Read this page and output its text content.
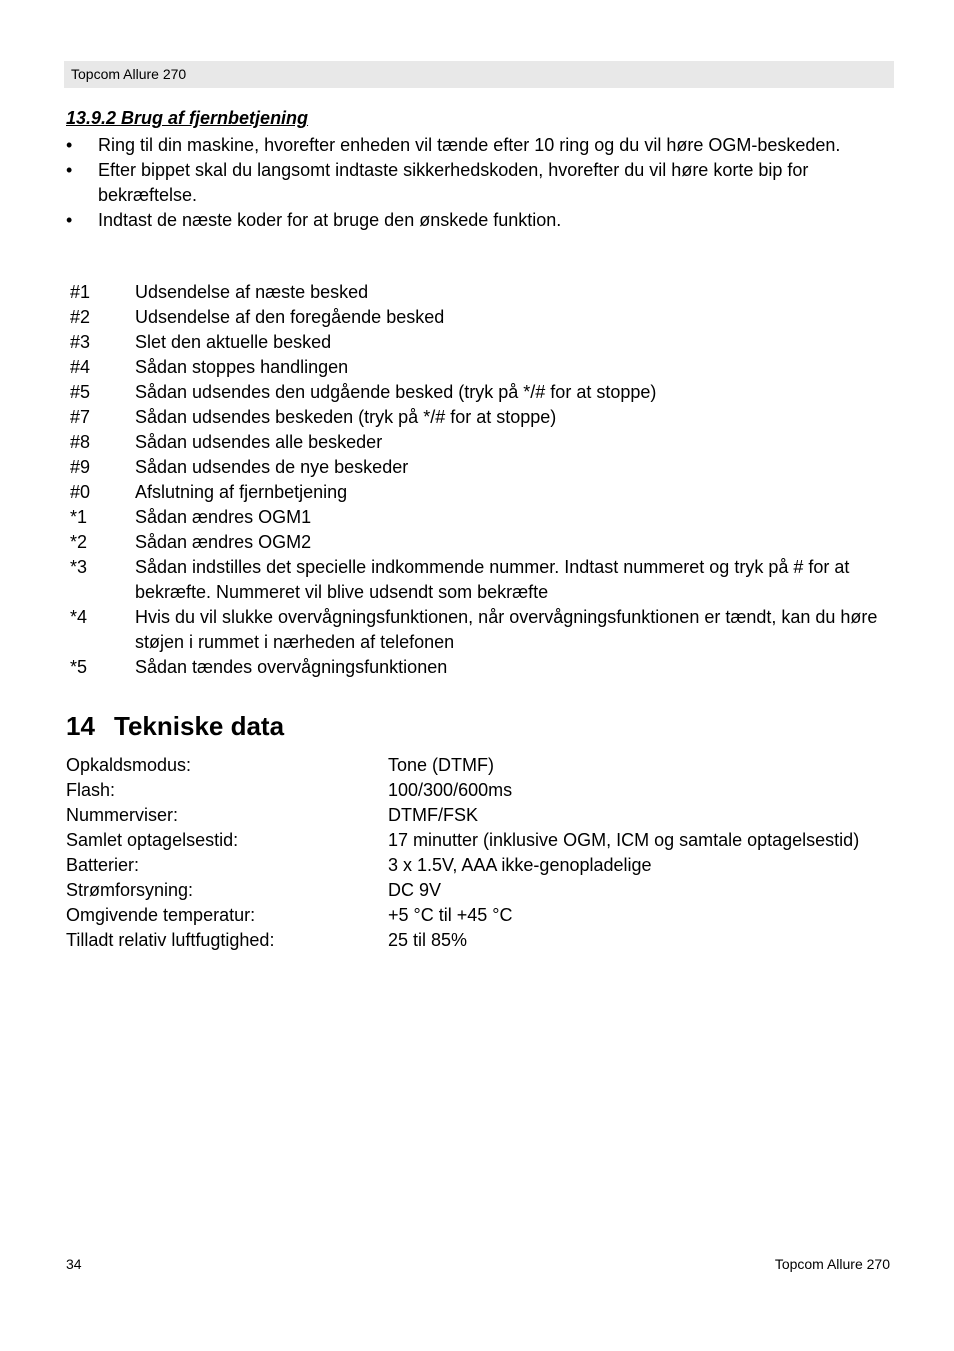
Topcom Allure 270
13.9.2 Brug af fjernbetjening
• Ring til din maskine, hvorefter enheden vil tænde efter 10 ring og du vil høre OGM-beskeden.
• Efter bippet skal du langsomt indtaste sikkerhedskoden, hvorefter du vil høre korte bip for bekræftelse.
• Indtast de næste koder for at bruge den ønskede funktion.
#1	Udsendelse af næste besked
#2	Udsendelse af den foregående besked
#3	Slet den aktuelle besked
#4	Sådan stoppes handlingen
#5	Sådan udsendes den udgående besked (tryk på */# for at stoppe)
#7	Sådan udsendes beskeden (tryk på */# for at stoppe)
#8	Sådan udsendes alle beskeder
#9	Sådan udsendes de nye beskeder
#0	Afslutning af fjernbetjening
*1	Sådan ændres OGM1
*2	Sådan ændres OGM2
*3	Sådan indstilles det specielle indkommende nummer. Indtast nummeret og tryk på # for at bekræfte. Nummeret vil blive udsendt som bekræfte
*4	Hvis du vil slukke overvågningsfunktionen, når overvågningsfunktionen er tændt, kan du høre støjen i rummet i nærheden af telefonen
*5	Sådan tændes overvågningsfunktionen
14 Tekniske data
Opkaldsmodus:	Tone (DTMF)
Flash:	100/300/600ms
Nummerviser:	DTMF/FSK
Samlet optagelsestid:	17 minutter (inklusive OGM, ICM og samtale optagelsestid)
Batterier:	3 x 1.5V, AAA ikke-genopladelige
Strømforsyning:	DC 9V
Omgivende temperatur:	+5 °C til +45 °C
Tilladt relativ luftfugtighed:	25 til 85%
34	Topcom Allure 270
